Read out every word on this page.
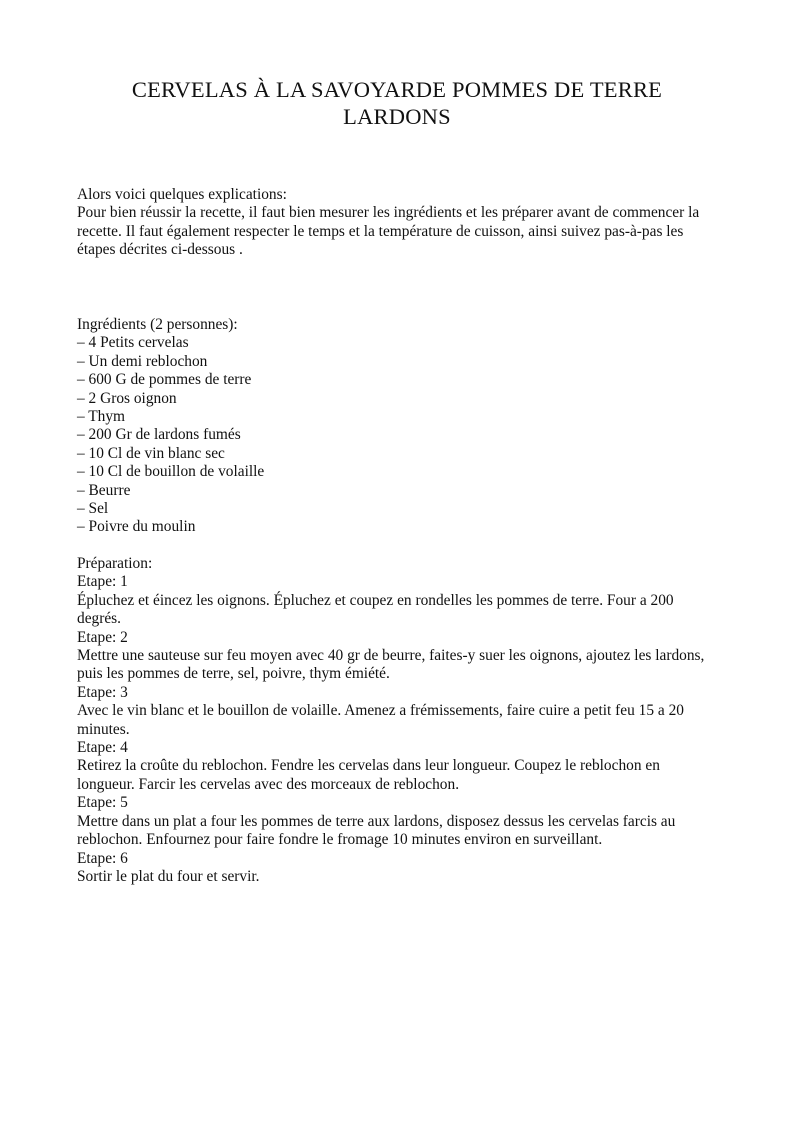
CERVELAS À LA SAVOYARDE POMMES DE TERRE LARDONS

Alors voici quelques explications:

Pour bien réussir la recette, il faut bien mesurer les ingrédients et les préparer avant de commencer la recette. Il faut également respecter le temps et la température de cuisson, ainsi suivez pas-à-pas les étapes décrites ci-dessous .

Ingrédients (2 personnes):

– 4 Petits cervelas
– Un demi reblochon
– 600 G de pommes de terre
– 2 Gros oignon
– Thym
– 200 Gr de lardons fumés
– 10 Cl de vin blanc sec
– 10 Cl de bouillon de volaille
– Beurre
– Sel
– Poivre du moulin

Préparation:

Etape: 1

Épluchez et éincez les oignons. Épluchez et coupez en rondelles les pommes de terre. Four a 200 degrés.

Etape: 2

Mettre une sauteuse sur feu moyen avec 40 gr de beurre, faites-y suer les oignons, ajoutez les lardons, puis les pommes de terre, sel, poivre, thym émiété.

Etape: 3

Avec le vin blanc et le bouillon de volaille. Amenez a frémissements, faire cuire a petit feu 15 a 20 minutes.

Etape: 4

Retirez la croûte du reblochon. Fendre les cervelas dans leur longueur. Coupez le reblochon en longueur. Farcir les cervelas avec des morceaux de reblochon.

Etape: 5

Mettre dans un plat a four les pommes de terre aux lardons, disposez dessus les cervelas farcis au reblochon. Enfournez pour faire fondre le fromage 10 minutes environ en surveillant.

Etape: 6

Sortir le plat du four et servir.
